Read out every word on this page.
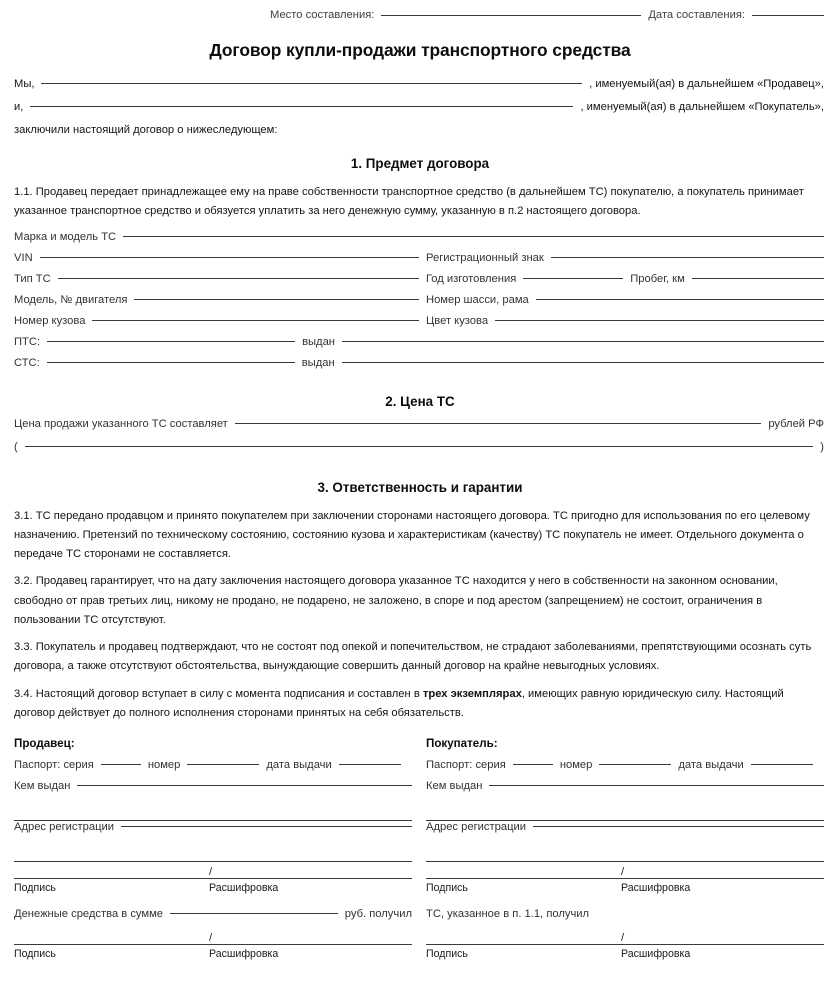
Место составления:	Дата составления:
Договор купли-продажи транспортного средства
Мы,	, именуемый(ая) в дальнейшем «Продавец»,
и,	, именуемый(ая) в дальнейшем «Покупатель»,
заключили настоящий договор о нижеследующем:
1. Предмет договора

1.1. Продавец передает принадлежащее ему на праве собственности транспортное средство (в дальнейшем ТС) покупателю, а покупатель принимает указанное транспортное средство и обязуется уплатить за него денежную сумму, указанную в п.2 настоящего договора.

Марка и модель ТС
VIN	Регистрационный знак
Тип ТС	Год изготовления	Пробег, км
Модель, № двигателя	Номер шасси, рама
Номер кузова	Цвет кузова
ПТС:	выдан
СТС:	выдан
2. Цена ТС
Цена продажи указанного ТС составляет	рублей РФ
(	)
3. Ответственность и гарантии

3.1. ТС передано продавцом и принято покупателем при заключении сторонами настоящего договора. ТС пригодно для использования по его целевому назначению. Претензий по техническому состоянию, состоянию кузова и характеристикам (качеству) ТС покупатель не имеет. Отдельного документа о передаче ТС сторонами не составляется.

3.2. Продавец гарантирует, что на дату заключения настоящего договора указанное ТС находится у него в собственности на законном основании, свободно от прав третьих лиц, никому не продано, не подарено, не заложено, в споре и под арестом (запрещением) не состоит, ограничения в пользовании ТС отсутствуют.

3.3. Покупатель и продавец подтверждают, что не состоят под опекой и попечительством, не страдают заболеваниями, препятствующими осознать суть договора, а также отсутствуют обстоятельства, вынуждающие совершить данный договор на крайне невыгодных условиях.

3.4. Настоящий договор вступает в силу с момента подписания и составлен в трех экземплярах, имеющих равную юридическую силу. Настоящий договор действует до полного исполнения сторонами принятых на себя обязательств.

Продавец:
Паспорт: серия	номер	дата выдачи
Кем выдан
Адрес регистрации
/
Подпись	Расшифровка
Покупатель:
Паспорт: серия	номер	дата выдачи
Кем выдан
Адрес регистрации
/
Подпись	Расшифровка
Денежные средства в сумме	руб. получил
/
Подпись	Расшифровка
ТС, указанное в п. 1.1, получил
/
Подпись	Расшифровка
